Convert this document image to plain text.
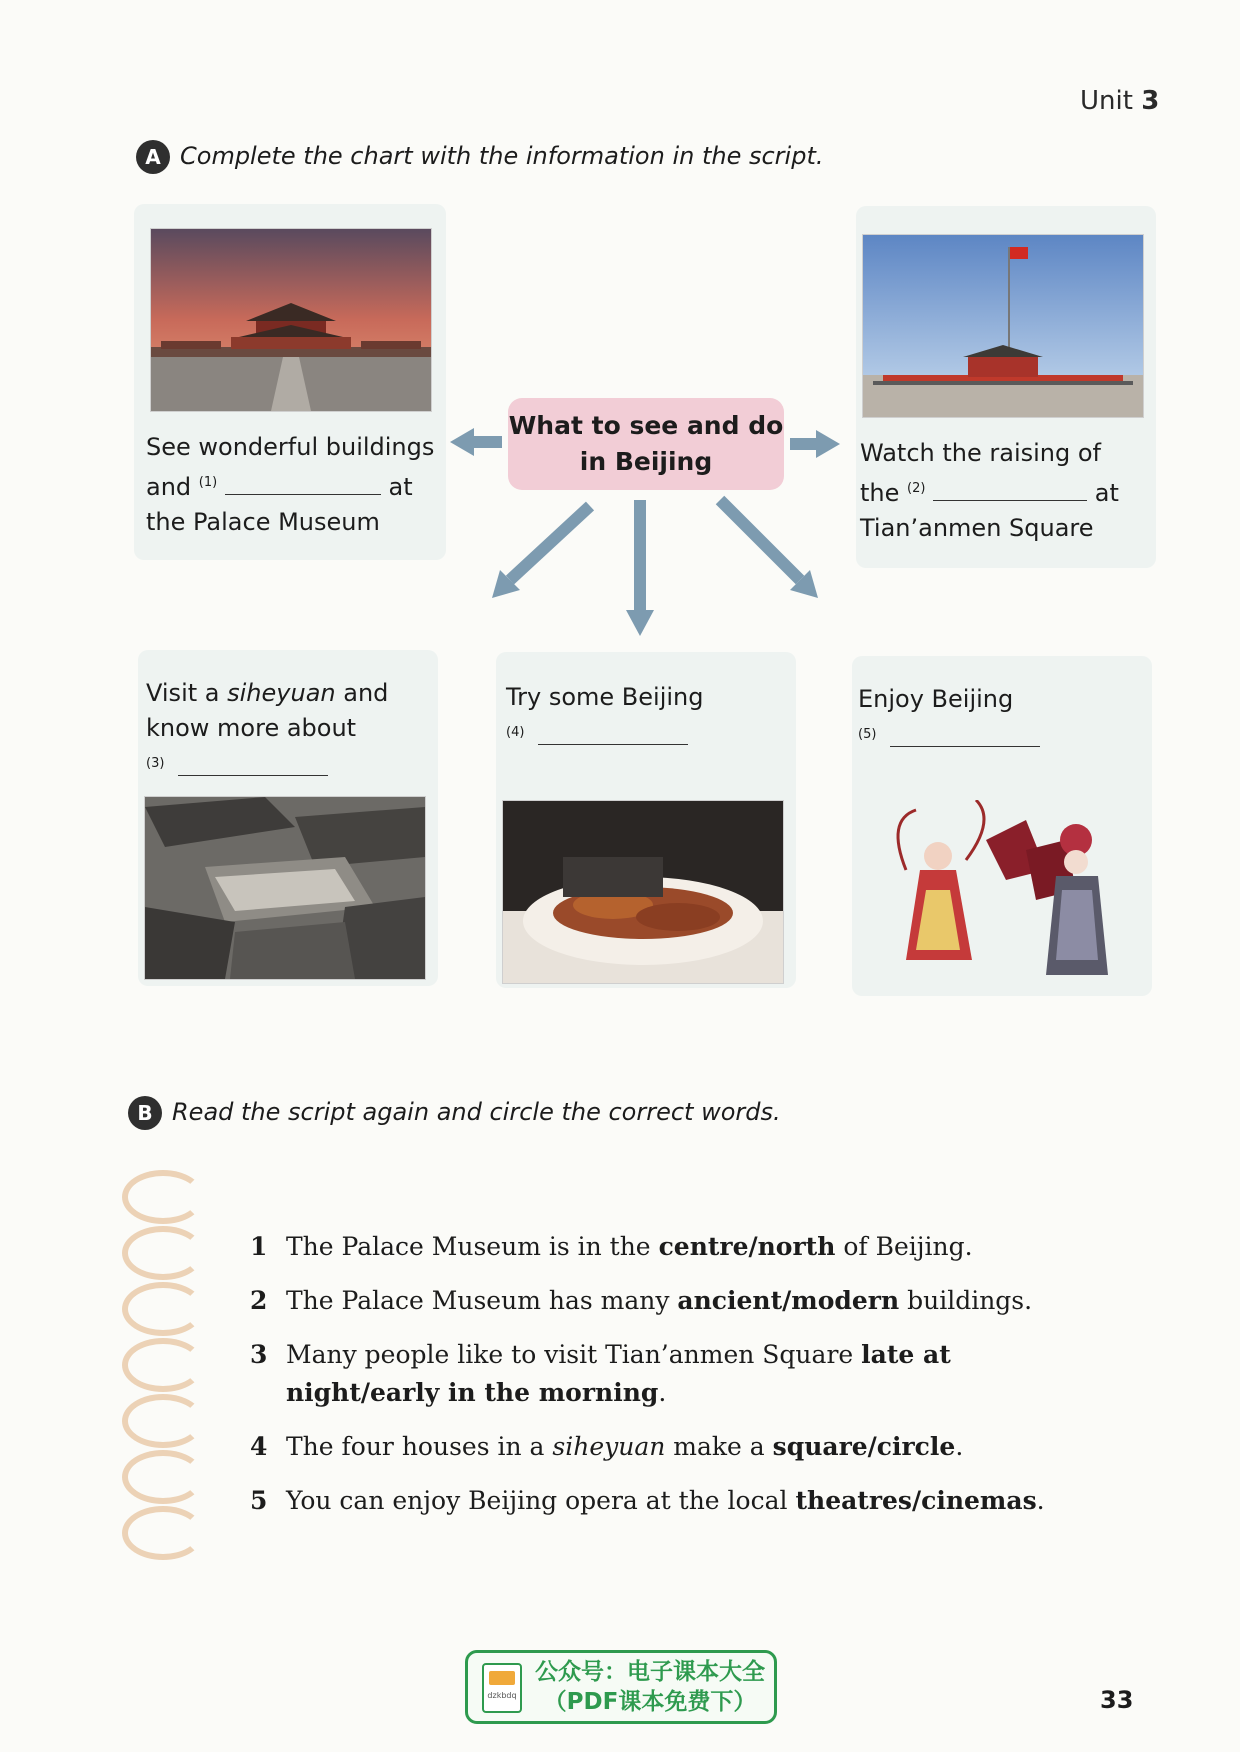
Unit 3
A Complete the chart with the information in the script.
What to see and do
in Beijing
See wonderful buildings
and $^{(1)}$	at
the Palace Museum
Watch the raising of
the $^{(2)}$	at
Tian’anmen Square
Visit a siheyuan and
know more about
$^{(3)}$
Try some Beijing
$^{(4)}$
Enjoy Beijing
$^{(5)}$
B Read the script again and circle the correct words.
1 The Palace Museum is in the centre/north of Beijing.
2 The Palace Museum has many ancient/modern buildings.
3 Many people like to visit Tian’anmen Square late at night/early in the morning.
4 The four houses in a siheyuan make a square/circle.
5 You can enjoy Beijing opera at the local theatres/cinemas.
dzkbdq
公众号：电子课本大全
（PDF课本免费下）	33
